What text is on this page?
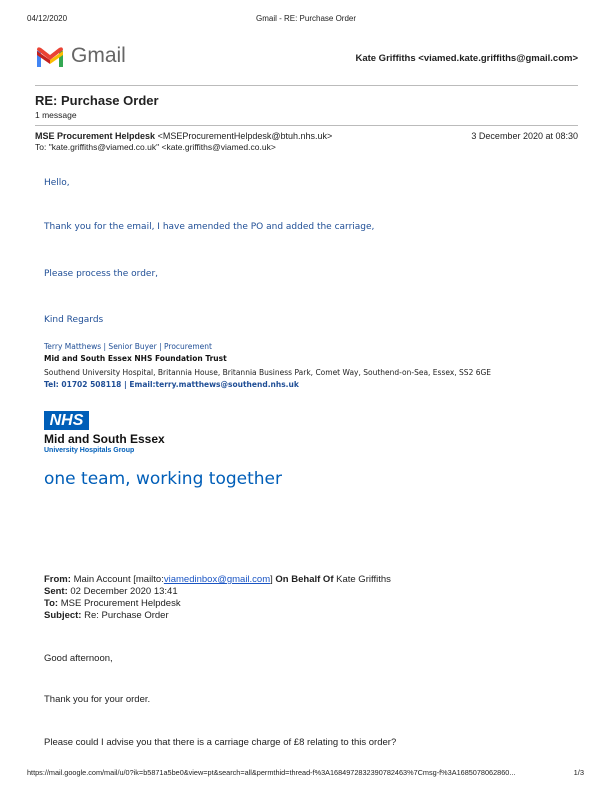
04/12/2020	Gmail - RE: Purchase Order
Gmail	Kate Griffiths <viamed.kate.griffiths@gmail.com>
RE: Purchase Order
1 message
MSE Procurement Helpdesk <MSEProcurementHelpdesk@btuh.nhs.uk>	3 December 2020 at 08:30
To: "kate.griffiths@viamed.co.uk" <kate.griffiths@viamed.co.uk>
Hello,
Thank you for the email, I have amended the PO and added the carriage,
Please process the order,
Kind Regards
Terry Matthews | Senior Buyer | Procurement
Mid and South Essex NHS Foundation Trust
Southend University Hospital, Britannia House, Britannia Business Park, Comet Way, Southend-on-Sea, Essex, SS2 6GE
Tel: 01702 508118 | Email:terry.matthews@southend.nhs.uk
NHS
Mid and South Essex
University Hospitals Group
one team, working together
From: Main Account [mailto:viamedinbox@gmail.com] On Behalf Of Kate Griffiths
Sent: 02 December 2020 13:41
To: MSE Procurement Helpdesk
Subject: Re: Purchase Order
Good afternoon,
Thank you for your order.
Please could I advise you that there is a carriage charge of £8 relating to this order?
https://mail.google.com/mail/u/0?ik=b5871a5be0&view=pt&search=all&permthid=thread-f%3A1684972832390782463%7Cmsg-f%3A1685078062860...	1/3
